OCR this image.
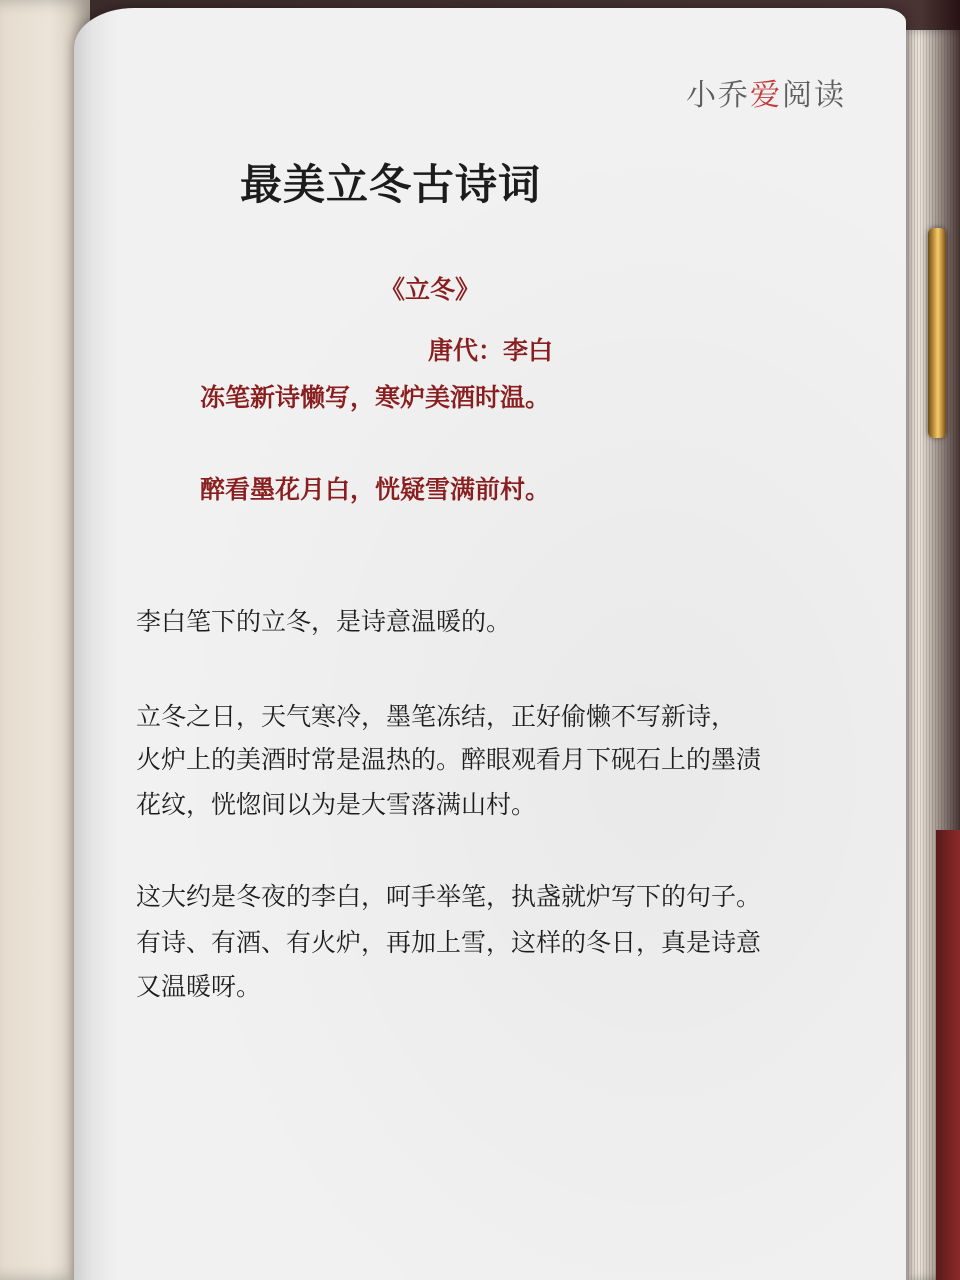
小乔爱阅读
最美立冬古诗词
《立冬》
唐代：李白
冻笔新诗懒写，寒炉美酒时温。
醉看墨花月白，恍疑雪满前村。
李白笔下的立冬，是诗意温暖的。
立冬之日，天气寒冷，墨笔冻结，正好偷懒不写新诗，
火炉上的美酒时常是温热的。醉眼观看月下砚石上的墨渍
花纹，恍惚间以为是大雪落满山村。
这大约是冬夜的李白，呵手举笔，执盏就炉写下的句子。
有诗、有酒、有火炉，再加上雪，这样的冬日，真是诗意
又温暖呀。
